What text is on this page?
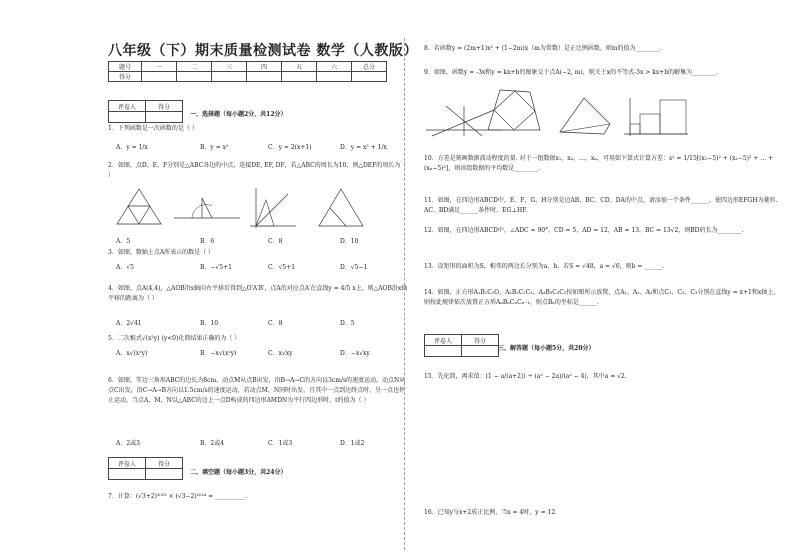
八年级（下）期末质量检测试卷 数学（人教版）
题号	一	二	三	四	五	六	总分
得分							
评卷人	得分

一、选择题（每小题2分，共12分）
1．下列函数是一次函数的是（ ）
A．y = 1/x	B．y = x²	C．y = 2(x+1)	D．y = x² + 1/x
2．如图，点D、E、F分别是△ABC各边的中点，连接DE, EF, DF，若△ABC的周长为10，则△DEF的周长为（ ）
A．5	B．6	C．8	D．10
3．如图，数轴上点A所表示的数是（ ）
A．√5	B．−√5+1	C．√5+1	D．√5−1
4．如图，点A(4,4)，△AOB沿x轴向右平移后得到△O′A′B′，点A的对应点A′在直线y = 4/5 x上，则△AOB沿x轴平移的距离为（ ）
A．2√41	B．10	C．8	D．5
5．二次根式√(x²y) (y<0)化简结果正确的为（ ）
A．x√(x²y)	B．−x√(x²y)	C．x√xy	D．−x√xy
6．如图，等边三角形ABC的边长为8cm，动点M从点B出发，沿B→A→C的方向以3cm/s的速度运动，动点N从点C出发，沿C→A→B方向以1.5cm/s的速度运动，若动点M、N同时出发，且其中一点到达终点时，另一点也停止运动，当点A，M，N以△ABC的边上一点D构成的四边形AMDN为平行四边形时，t的值为（ ）
A．2或3	B．2或4	C．1或3	D．1或2
评卷人	得分

二、填空题（每小题3分，共24分）
7．计算：(√3+2)²⁰²³ × (√3−2)²⁰²⁴ = __________.
8．若函数y = (2m+1)x² + (1−2m)x（m为常数）是正比例函数，则m的值为________.
9．如图，函数y = -3x和y = kx+b的图象交于点A(−2, m)，则关于x的不等式-3x > kx+b的解集为________.
10．方差是刻画数据波动程度的量. 对于一组数据x₁，x₂，…，xₙ，可用如下算式计算方差：s² = 1/15[(x₁−5)² + (x₂−5)² + … + (xₙ−5)²]，则该组数据的平均数是________.
11．如图，在四边形ABCD中，E、F、G、H分别是边AB、BC、CD、DA的中点，请添加一个条件______，使四边形EFGH为菱形. AC、BD满足______条件时，EG⊥HF.
12．如图，在四边形ABCD中，∠ADC = 90°，CD = 5，AD = 12，AB = 13，BC = 13√2，则BD的长为________.
13．设矩形的面积为S，相邻的两边长分别为a、b，若S = √48，a = √6，则b = ______.
14．如图，正方形A₁B₁C₁O、A₂B₂C₂C₁、A₃B₃C₃C₂按如图所示放置，点A₁、A₂、A₃和点C₁、C₂、C₃分别在直线y = x+1和x轴上，则按此规律依次放置正方形AₙBₙCₙCₙ₋₁，则点Bₙ的坐标是______.
评卷人	得分

三、解答题（每小题5分，共20分）
15．先化简，再求值：(1 − a/(a+2)) ÷ (a² − 2a)/(a² − 4)，其中a = √2.
16．已知y与x+2成正比例，当x = 4时，y = 12.
